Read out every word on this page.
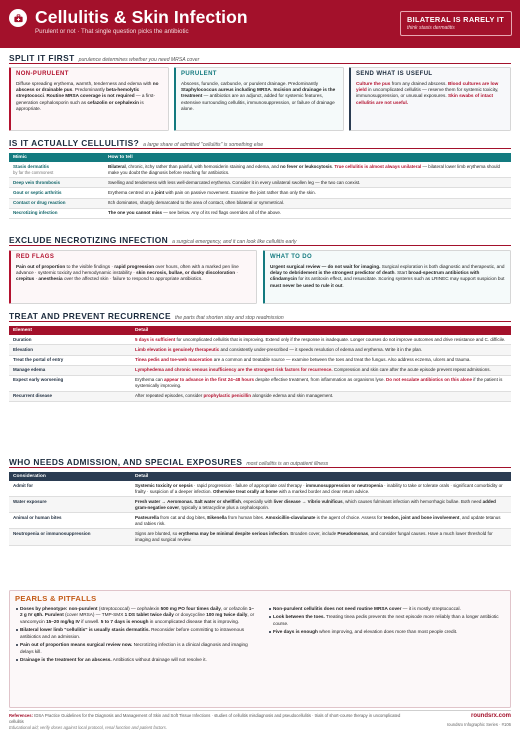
Cellulitis & Skin Infection
Purulent or not · That single question picks the antibiotic
BILATERAL IS RARELY IT
think stasis dermatitis
SPLIT IT FIRST purulence determines whether you need MRSA cover
NON-PURULENT
Diffuse spreading erythema, warmth, tenderness and edema with no abscess or drainable pus. Predominantly beta-hemolytic streptococci. Routine MRSA coverage is not required — a first-generation cephalosporin such as cefazolin or cephalexin is appropriate.
PURULENT
Abscess, furuncle, carbuncle, or purulent drainage. Predominantly Staphylococcus aureus including MRSA. Incision and drainage is the treatment — antibiotics are an adjunct, added for systemic features, extensive surrounding cellulitis, immunosuppression, or failure of drainage alone.
SEND WHAT IS USEFUL
Culture the pus from any drained abscess. Blood cultures are low yield in uncomplicated cellulitis — reserve them for systemic toxicity, immunosuppression, or unusual exposures. Skin swabs of intact cellulitis are not useful.
IS IT ACTUALLY CELLULITIS? a large share of admitted "cellulitis" is something else
Mimic	How to tell
Stasis dermatitis
by far the commonest	Bilateral, chronic, itchy rather than painful, with hemosiderin staining and edema, and no fever or leukocytosis. True cellulitis is almost always unilateral — bilateral lower limb erythema should make you doubt the diagnosis before reaching for antibiotics.
Deep vein thrombosis	Swelling and tenderness with less well-demarcated erythema. Consider it in every unilateral swollen leg — the two can coexist.
Gout or septic arthritis	Erythema centred on a joint with pain on passive movement. Examine the joint rather than only the skin.
Contact or drug reaction	Itch dominates, sharply demarcated to the area of contact, often bilateral or symmetrical.
Necrotizing infection	The one you cannot miss — see below. Any of its red flags overrides all of the above.
EXCLUDE NECROTIZING INFECTION a surgical emergency, and it can look like cellulitis early
RED FLAGS
Pain out of proportion to the visible findings · rapid progression over hours, often with a marked pen line advance · systemic toxicity and hemodynamic instability · skin necrosis, bullae, or dusky discoloration · crepitus · anesthesia over the affected skin · failure to respond to appropriate antibiotics.
WHAT TO DO
Urgent surgical review — do not wait for imaging. Surgical exploration is both diagnostic and therapeutic, and delay to debridement is the strongest predictor of death. Start broad-spectrum antibiotics with clindamycin for its antitoxin effect, and resuscitate. Scoring systems such as LRINEC may support suspicion but must never be used to rule it out.
TREAT AND PREVENT RECURRENCE the parts that shorten stay and stop readmission
Element	Detail
Duration	5 days is sufficient for uncomplicated cellulitis that is improving. Extend only if the response is inadequate. Longer courses do not improve outcomes and drive resistance and C. difficile.
Elevation	Limb elevation is genuinely therapeutic and consistently under-prescribed — it speeds resolution of edema and erythema. Write it in the plan.
Treat the portal of entry	Tinea pedis and toe-web maceration are a common and treatable source — examine between the toes and treat the fungus. Also address eczema, ulcers and trauma.
Manage edema	Lymphedema and chronic venous insufficiency are the strongest risk factors for recurrence. Compression and skin care after the acute episode prevent repeat admissions.
Expect early worsening	Erythema can appear to advance in the first 24–48 hours despite effective treatment, from inflammation as organisms lyse. Do not escalate antibiotics on this alone if the patient is systemically improving.
Recurrent disease	After repeated episodes, consider prophylactic penicillin alongside edema and skin management.
WHO NEEDS ADMISSION, AND SPECIAL EXPOSURES most cellulitis is an outpatient illness
Consideration	Detail
Admit for	Systemic toxicity or sepsis · rapid progression · failure of appropriate oral therapy · immunosuppression or neutropenia · inability to take or tolerate orals · significant comorbidity or frailty · suspicion of a deeper infection. Otherwise treat orally at home with a marked border and clear return advice.
Water exposure	Fresh water → Aeromonas. Salt water or shellfish, especially with liver disease → Vibrio vulnificus, which causes fulminant infection with hemorrhagic bullae. Both need added gram-negative cover, typically a tetracycline plus a cephalosporin.
Animal or human bites	Pasteurella from cat and dog bites, Eikenella from human bites. Amoxicillin-clavulanate is the agent of choice. Assess for tendon, joint and bone involvement, and update tetanus and rabies risk.
Neutropenia or immunosuppression	Signs are blunted, so erythema may be minimal despite serious infection. Broaden cover, include Pseudomonas, and consider fungal causes. Have a much lower threshold for imaging and surgical review.
PEARLS & PITFALLS
Doses by phenotype: non-purulent (streptococcal) — cephalexin 500 mg PO four times daily, or cefazolin 1–2 g IV q8h. Purulent (cover MRSA) — TMP-SMX 1 DS tablet twice daily or doxycycline 100 mg twice daily, or vancomycin 15–20 mg/kg IV if unwell. 5 to 7 days is enough in uncomplicated disease that is improving.
Bilateral lower limb "cellulitis" is usually stasis dermatitis. Reconsider before committing to intravenous antibiotics and an admission.
Pain out of proportion means surgical review now. Necrotizing infection is a clinical diagnosis and imaging delays kill.
Drainage is the treatment for an abscess. Antibiotics without drainage will not resolve it.
Non-purulent cellulitis does not need routine MRSA cover — it is mostly streptococcal.
Look between the toes. Treating tinea pedis prevents the next episode more reliably than a longer antibiotic course.
Five days is enough when improving, and elevation does more than most people credit.
References: IDSA Practice Guidelines for the Diagnosis and Management of Skin and Soft Tissue Infections · studies of cellulitis misdiagnosis and pseudocellulitis · trials of short-course therapy in uncomplicated cellulitis
Educational aid; verify doses against local protocol, renal function and patient factors.
roundsrx.com
roundsrx Infographic Series · #106
